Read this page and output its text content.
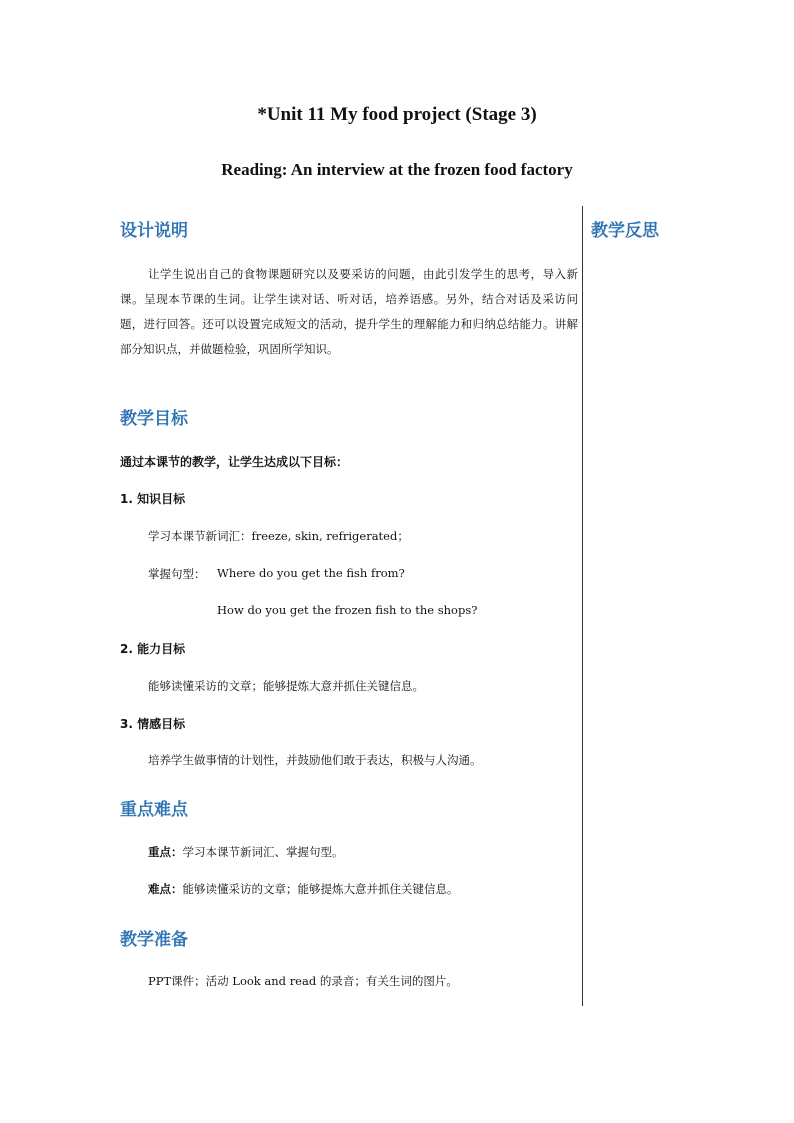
*Unit 11 My food project (Stage 3)
Reading: An interview at the frozen food factory
教学反思
设计说明
让学生说出自己的食物课题研究以及要采访的问题，由此引发学生的思考，导入新课。呈现本节课的生词。让学生读对话、听对话，培养语感。另外，结合对话及采访问题，进行回答。还可以设置完成短文的活动，提升学生的理解能力和归纳总结能力。讲解部分知识点，并做题检验，巩固所学知识。
教学目标
通过本课节的教学，让学生达成以下目标：
1. 知识目标
学习本课节新词汇：freeze, skin, refrigerated；
掌握句型： Where do you get the fish from?
How do you get the frozen fish to the shops?
2. 能力目标
能够读懂采访的文章；能够提炼大意并抓住关键信息。
3. 情感目标
培养学生做事情的计划性，并鼓励他们敢于表达，积极与人沟通。
重点难点
重点：学习本课节新词汇、掌握句型。
难点：能够读懂采访的文章；能够提炼大意并抓住关键信息。
教学准备
PPT课件；活动 Look and read 的录音；有关生词的图片。
